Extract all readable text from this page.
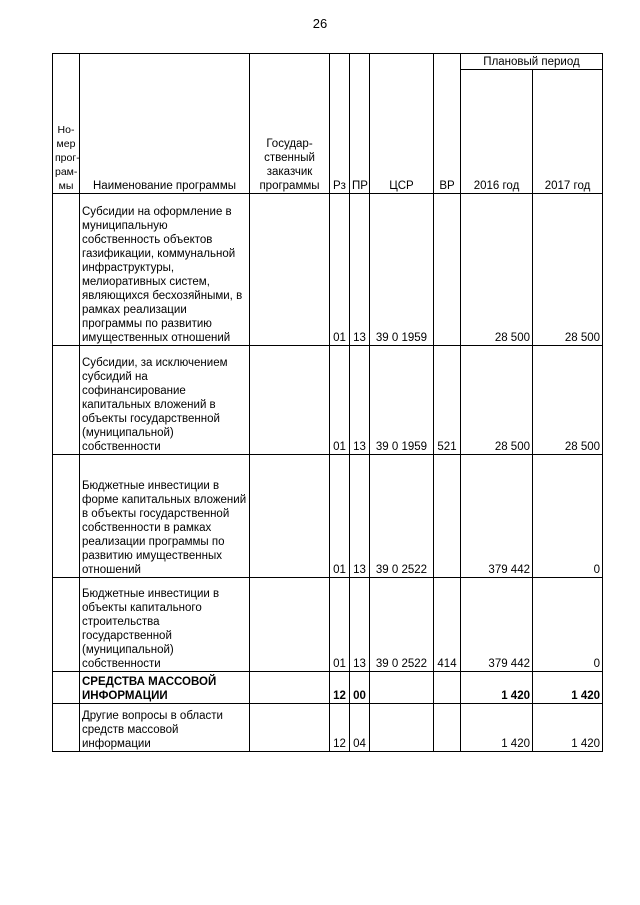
26
Но-
мер
прог-
рам-
мы	Наименование программы	Государ-
ственный
заказчик
программы	Рз	ПР	ЦСР	ВР	Плановый период	
							2016 год	2017 год
	Субсидии на оформление в муниципальную собственность объектов газификации, коммунальной инфраструктуры, мелиоративных систем, являющихся бесхозяйными, в рамках реализации программы по развитию имущественных отношений		01	13	39 0 1959		28 500	28 500
	Субсидии, за исключением субсидий на софинансирование капитальных вложений в объекты государственной (муниципальной) собственности		01	13	39 0 1959	521	28 500	28 500
	Бюджетные инвестиции в форме капитальных вложений в объекты государственной собственности в рамках реализации программы по развитию имущественных отношений		01	13	39 0 2522		379 442	0
	Бюджетные инвестиции в объекты капитального строительства государственной (муниципальной) собственности		01	13	39 0 2522	414	379 442	0
	СРЕДСТВА МАССОВОЙ ИНФОРМАЦИИ		12	00			1 420	1 420
	Другие вопросы в области средств массовой информации		12	04			1 420	1 420
